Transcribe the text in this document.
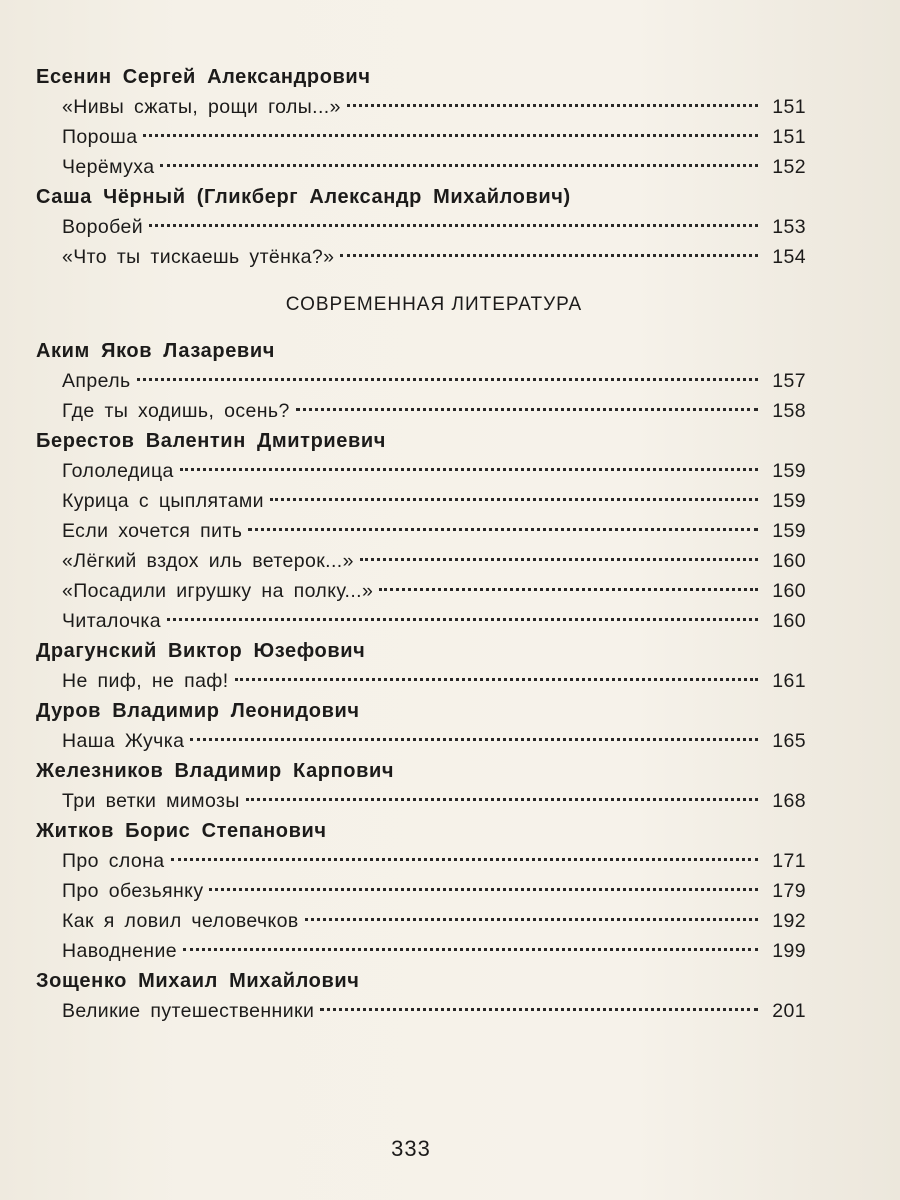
Есенин Сергей Александрович
«Нивы сжаты, рощи голы...»	151
Пороша	151
Черёмуха	152
Саша Чёрный (Гликберг Александр Михайлович)
Воробей	153
«Что ты тискаешь утёнка?»	154
СОВРЕМЕННАЯ ЛИТЕРАТУРА
Аким Яков Лазаревич
Апрель	157
Где ты ходишь, осень?	158
Берестов Валентин Дмитриевич
Гололедица	159
Курица с цыплятами	159
Если хочется пить	159
«Лёгкий вздох иль ветерок...»	160
«Посадили игрушку на полку...»	160
Читалочка	160
Драгунский Виктор Юзефович
Не пиф, не паф!	161
Дуров Владимир Леонидович
Наша Жучка	165
Железников Владимир Карпович
Три ветки мимозы	168
Житков Борис Степанович
Про слона	171
Про обезьянку	179
Как я ловил человечков	192
Наводнение	199
Зощенко Михаил Михайлович
Великие путешественники	201
333
